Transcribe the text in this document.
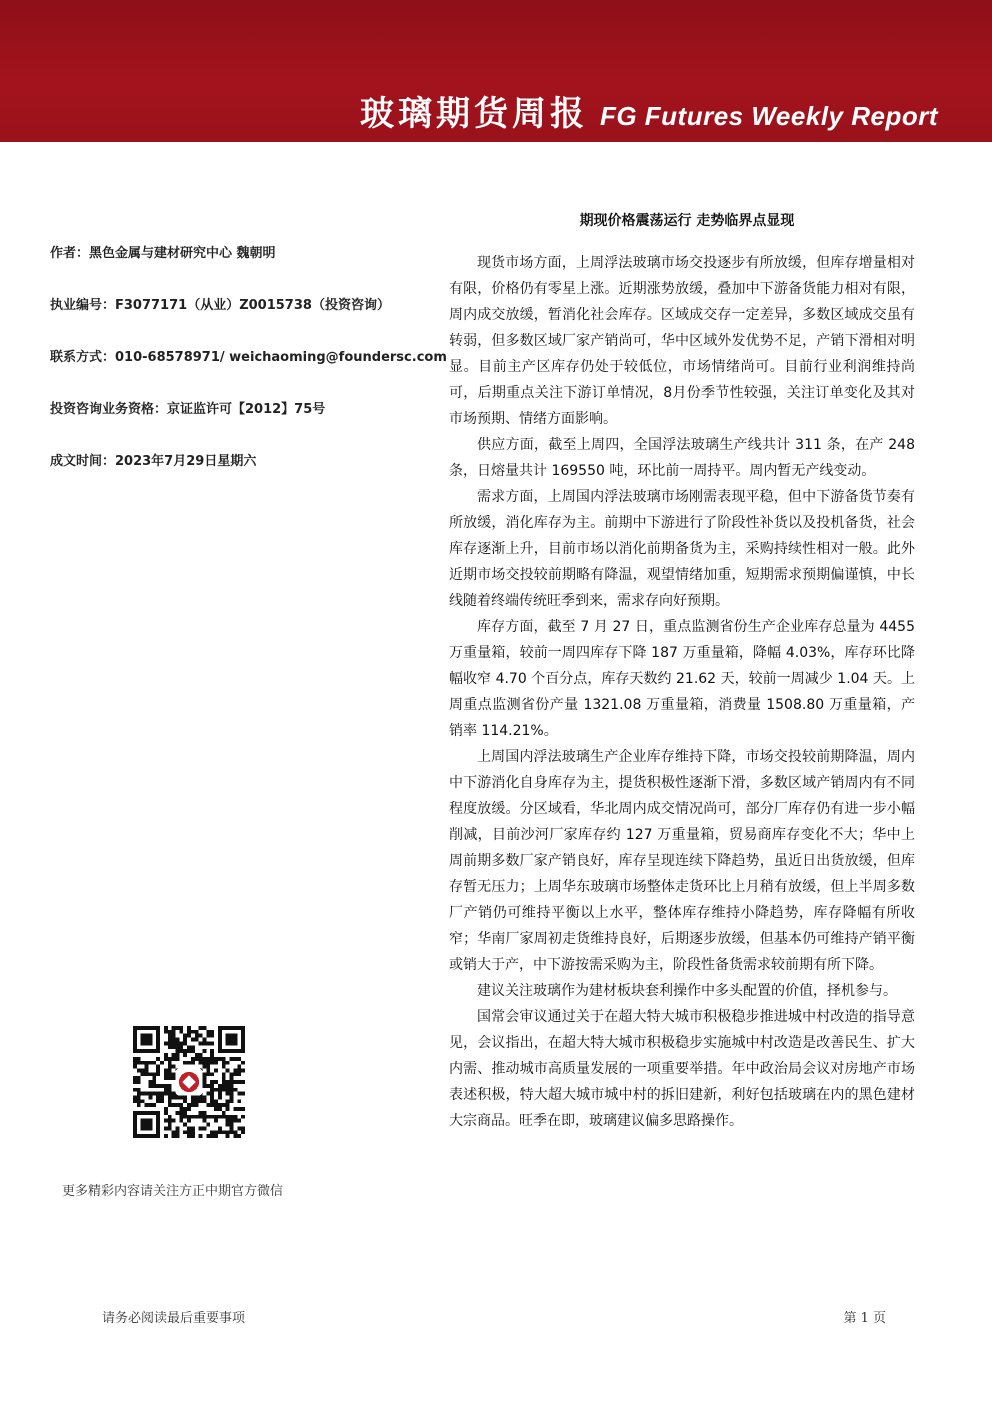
玻璃期货周报 FG Futures Weekly Report
作者：黑色金属与建材研究中心 魏朝明
执业编号：F3077171（从业）Z0015738（投资咨询）
联系方式：010-68578971/ weichaoming@foundersc.com
投资咨询业务资格：京证监许可【2012】75号
成文时间：2023年7月29日星期六
更多精彩内容请关注方正中期官方微信
期现价格震荡运行 走势临界点显现

现货市场方面，上周浮法玻璃市场交投逐步有所放缓，但库存增量相对有限，价格仍有零星上涨。近期涨势放缓，叠加中下游备货能力相对有限，周内成交放缓，暂消化社会库存。区域成交存一定差异，多数区域成交虽有转弱，但多数区域厂家产销尚可，华中区域外发优势不足，产销下滑相对明显。目前主产区库存仍处于较低位，市场情绪尚可。目前行业利润维持尚可，后期重点关注下游订单情况，8月份季节性较强，关注订单变化及其对市场预期、情绪方面影响。

供应方面，截至上周四，全国浮法玻璃生产线共计 311 条，在产 248 条，日熔量共计 169550 吨，环比前一周持平。周内暂无产线变动。

需求方面，上周国内浮法玻璃市场刚需表现平稳，但中下游备货节奏有所放缓，消化库存为主。前期中下游进行了阶段性补货以及投机备货，社会库存逐渐上升，目前市场以消化前期备货为主，采购持续性相对一般。此外近期市场交投较前期略有降温，观望情绪加重，短期需求预期偏谨慎，中长线随着终端传统旺季到来，需求存向好预期。

库存方面，截至 7 月 27 日，重点监测省份生产企业库存总量为 4455 万重量箱，较前一周四库存下降 187 万重量箱，降幅 4.03%，库存环比降幅收窄 4.70 个百分点，库存天数约 21.62 天，较前一周减少 1.04 天。上周重点监测省份产量 1321.08 万重量箱，消费量 1508.80 万重量箱，产销率 114.21%。

上周国内浮法玻璃生产企业库存维持下降，市场交投较前期降温，周内中下游消化自身库存为主，提货积极性逐渐下滑，多数区域产销周内有不同程度放缓。分区域看，华北周内成交情况尚可，部分厂库存仍有进一步小幅削减，目前沙河厂家库存约 127 万重量箱，贸易商库存变化不大；华中上周前期多数厂家产销良好，库存呈现连续下降趋势，虽近日出货放缓，但库存暂无压力；上周华东玻璃市场整体走货环比上月稍有放缓，但上半周多数厂产销仍可维持平衡以上水平，整体库存维持小降趋势，库存降幅有所收窄；华南厂家周初走货维持良好，后期逐步放缓，但基本仍可维持产销平衡或销大于产，中下游按需采购为主，阶段性备货需求较前期有所下降。

建议关注玻璃作为建材板块套利操作中多头配置的价值，择机参与。

国常会审议通过关于在超大特大城市积极稳步推进城中村改造的指导意见，会议指出，在超大特大城市积极稳步实施城中村改造是改善民生、扩大内需、推动城市高质量发展的一项重要举措。年中政治局会议对房地产市场表述积极，特大超大城市城中村的拆旧建新，利好包括玻璃在内的黑色建材大宗商品。旺季在即，玻璃建议偏多思路操作。

请务必阅读最后重要事项	第 1 页
